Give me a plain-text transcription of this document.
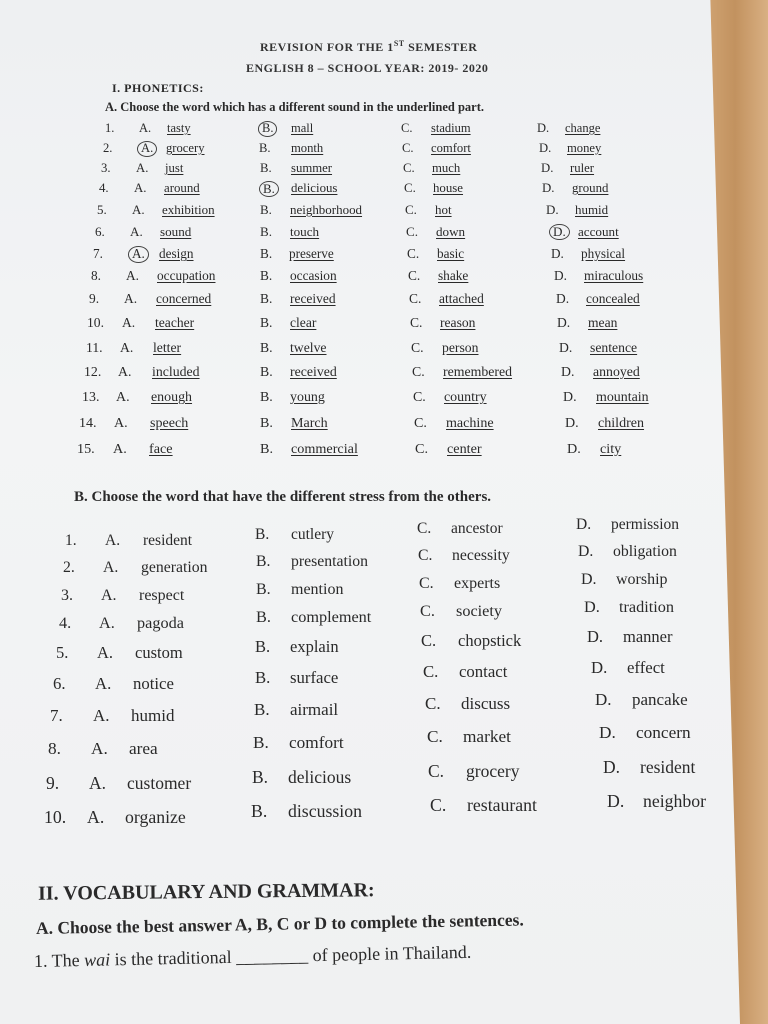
REVISION FOR THE 1ST SEMESTER
ENGLISH 8 – SCHOOL YEAR: 2019- 2020
I. PHONETICS:
A. Choose the word which has a different sound in the underlined part.
1. A. tasty	B.	mall	C. stadium	D. change
2.	A.	grocery	B. month	C. comfort	D. money
3. A. just	B. summer	C. much	D. ruler
4. A. around	B.	delicious	C. house	D. ground
5. A. exhibition	B. neighborhood	C. hot	D. humid
6. A. sound	B. touch	C. down	D. account
7.	A.	design	B. preserve	C. basic	D. physical
8. A. occupation	B. occasion	C. shake	D. miraculous
9. A. concerned	B. received	C. attached	D. concealed
10. A. teacher	B. clear	C. reason	D. mean
11. A. letter	B. twelve	C. person	D. sentence
12. A. included	B. received	C. remembered	D. annoyed
13. A. enough	B. young	C. country	D. mountain
14. A. speech	B. March	C. machine	D. children
15. A. face	B. commercial	C. center	D. city
B. Choose the word that have the different stress from the others.
1. A. resident	B. cutlery	C. ancestor	D. permission
2. A. generation	B. presentation	C. necessity	D. obligation
3. A. respect	B. mention	C. experts	D. worship
4. A. pagoda	B. complement	C. society	D. tradition
5. A. custom	B. explain	C. chopstick	D. manner
6. A. notice	B. surface	C. contact	D. effect
7. A. humid	B. airmail	C. discuss	D. pancake
8. A. area	B. comfort	C. market	D. concern
9. A. customer	B. delicious	C. grocery	D. resident
10. A. organize	B. discussion	C. restaurant	D. neighbor
II. VOCABULARY AND GRAMMAR:
A. Choose the best answer A, B, C or D to complete the sentences.
1. The wai is the traditional ________ of people in Thailand.
